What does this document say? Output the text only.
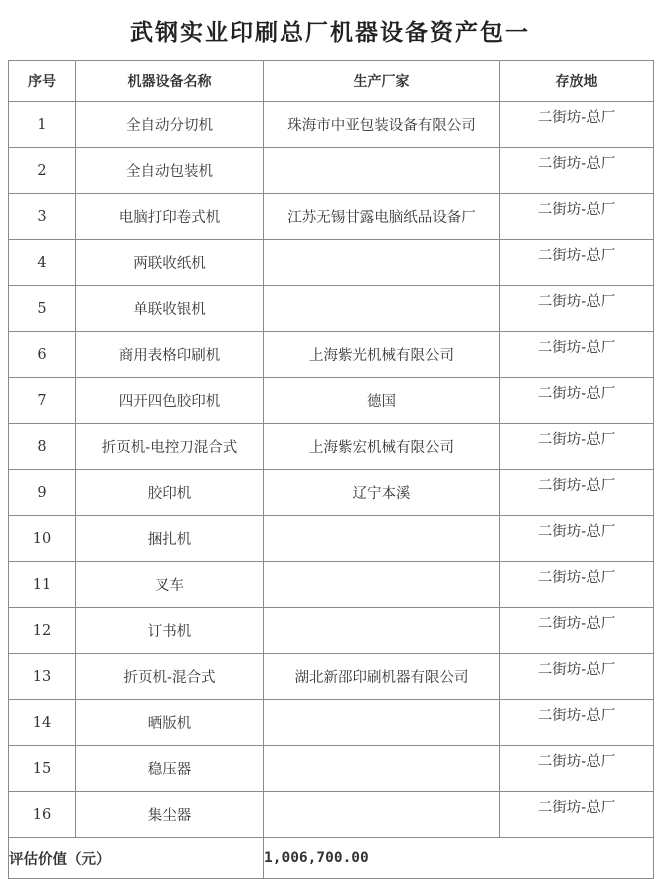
武钢实业印刷总厂机器设备资产包一
序号	机器设备名称	生产厂家	存放地
1	全自动分切机	珠海市中亚包装设备有限公司	二街坊-总厂
2	全自动包装机		二街坊-总厂
3	电脑打印卷式机	江苏无锡甘露电脑纸品设备厂	二街坊-总厂
4	两联收纸机		二街坊-总厂
5	单联收银机		二街坊-总厂
6	商用表格印刷机	上海紫光机械有限公司	二街坊-总厂
7	四开四色胶印机	德国	二街坊-总厂
8	折页机-电控刀混合式	上海紫宏机械有限公司	二街坊-总厂
9	胶印机	辽宁本溪	二街坊-总厂
10	捆扎机		二街坊-总厂
11	叉车		二街坊-总厂
12	订书机		二街坊-总厂
13	折页机-混合式	湖北新邵印刷机器有限公司	二街坊-总厂
14	晒版机		二街坊-总厂
15	稳压器		二街坊-总厂
16	集尘器		二街坊-总厂
评估价值（元）		1,006,700.00	
